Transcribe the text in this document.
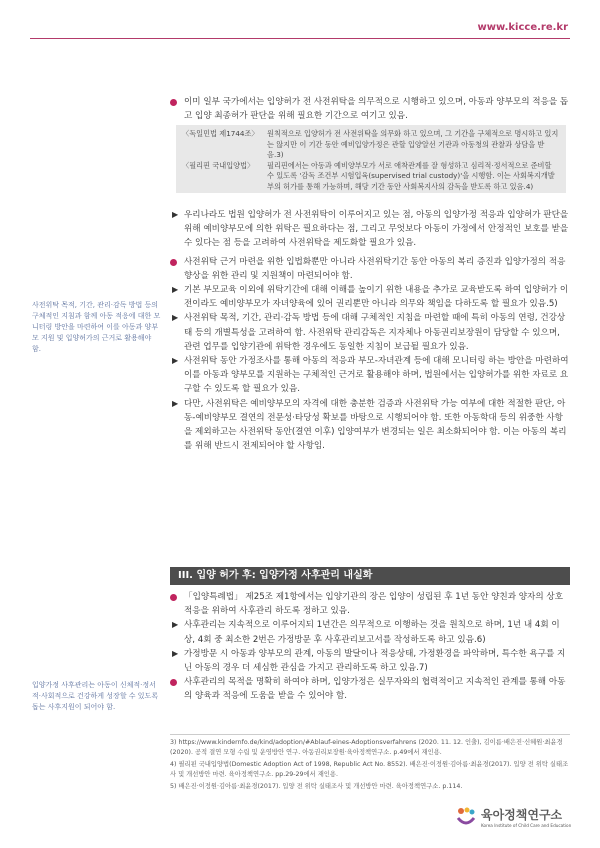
www.kicce.re.kr
사전위탁 목적, 기간, 관리·감독 방법 등의 구체적인 지침과 함께 아동 적응에 대한 모니터링 방안을 마련하여 이를 아동과 양부모 지원 및 입양허가의 근거로 활용해야 함.
입양가정 사후관리는 아동이 신체적·정서적·사회적으로 건강하게 성장할 수 있도록 돕는 사후지원이 되어야 함.
이미 일부 국가에서는 입양허가 전 사전위탁을 의무적으로 시행하고 있으며, 아동과 양부모의 적응을 돕고 입양 최종허가 판단을 위해 필요한 기간으로 여기고 있음.
〈독일민법 제1744조〉	원칙적으로 입양허가 전 사전위탁을 의무화 하고 있으며, 그 기간을 구체적으로 명시하고 있지는 않지만 이 기간 동안 예비입양가정은 관할 입양알선 기관과 아동청의 관찰과 상담을 받음.3)
〈필리핀 국내입양법〉	필리핀에서는 아동과 예비양부모가 서로 애착관계를 잘 형성하고 심리적·정서적으로 준비할 수 있도록 '감독 조건부 시험입육(supervised trial custody)'을 시행함. 이는 사회복지개발부의 허가를 통해 가능하며, 해당 기간 동안 사회복지사의 감독을 받도록 하고 있음.4)
▶ 우리나라도 법원 입양허가 전 사전위탁이 이루어지고 있는 점, 아동의 입양가정 적응과 입양허가 판단을 위해 예비양부모에 의한 위탁은 필요하다는 점, 그리고 무엇보다 아동이 가정에서 안정적인 보호를 받을 수 있다는 점 등을 고려하여 사전위탁을 제도화할 필요가 있음.
사전위탁 근거 마련을 위한 입법화뿐만 아니라 사전위탁기간 동안 아동의 복리 증진과 입양가정의 적응 향상을 위한 관리 및 지원책이 마련되어야 함.
▶ 기본 부모교육 이외에 위탁기간에 대해 이해를 높이기 위한 내용을 추가로 교육받도록 하여 입양허가 이전이라도 예비양부모가 자녀양육에 있어 권리뿐만 아니라 의무와 책임을 다하도록 할 필요가 있음.5)
▶ 사전위탁 목적, 기간, 관리·감독 방법 등에 대해 구체적인 지침을 마련할 때에 특히 아동의 연령, 건강상태 등의 개별특성을 고려하여 함. 사전위탁 관리감독은 지자체나 아동권리보장원이 담당할 수 있으며, 관련 업무를 입양기관에 위탁한 경우에도 동일한 지침이 보급될 필요가 있음.
▶ 사전위탁 동안 가정조사를 통해 아동의 적응과 부모-자녀관계 등에 대해 모니터링 하는 방안을 마련하여 이를 아동과 양부모를 지원하는 구체적인 근거로 활용해야 하며, 법원에서는 입양허가를 위한 자료로 요구할 수 있도록 할 필요가 있음.
▶ 다만, 사전위탁은 예비양부모의 자격에 대한 충분한 검증과 사전위탁 가능 여부에 대한 적절한 판단, 아동-예비양부모 결연의 전문성·타당성 확보를 바탕으로 시행되어야 함. 또한 아동학대 등의 위중한 사항을 제외하고는 사전위탁 동안(결연 이후) 입양여부가 변경되는 일은 최소화되어야 함. 이는 아동의 복리를 위해 반드시 전제되어야 할 사항임.
III. 입양 허가 후: 입양가정 사후관리 내실화
「입양특례법」 제25조 제1항에서는 입양기관의 장은 입양이 성립된 후 1년 동안 양친과 양자의 상호적응을 위하여 사후관리 하도록 정하고 있음.
▶ 사후관리는 지속적으로 이루어지되 1년간은 의무적으로 이행하는 것을 원칙으로 하며, 1년 내 4회 이상, 4회 중 최소한 2번은 가정방문 후 사후관리보고서를 작성하도록 하고 있음.6)
▶ 가정방문 시 아동과 양부모의 관계, 아동의 발달이나 적응상태, 가정환경을 파악하며, 특수한 욕구를 지닌 아동의 경우 더 세심한 관심을 가지고 관리하도록 하고 있음.7)
사후관리의 목적을 명확히 하여야 하며, 입양가정은 실무자와의 협력적이고 지속적인 관계를 통해 아동의 양육과 적응에 도움을 받을 수 있어야 함.
3) https://www.kindernfo.de/kind/adoption/#Ablauf-eines-Adoptionsverfahrens (2020. 11. 12. 인출), 김이름·배은진·신혜원·최윤경(2020). 공적 결연 모형 수립 및 운영방안 연구. 아동권리보장원·육아정책연구소. p.49에서 재인용.
4) 필리핀 국내입양법(Domestic Adoption Act of 1998, Republic Act No. 8552). 배은진·이정원·김아름·최윤경(2017). 입양 전 위탁 실태조사 및 개선방안 마련. 육아정책연구소. pp.29-29에서 재인용.
5) 배은진·이정원·김아름·최윤경(2017). 입양 전 위탁 실태조사 및 개선방안 마련. 육아정책연구소. p.114.
육아정책연구소
Korea Institute of Child Care and Education
